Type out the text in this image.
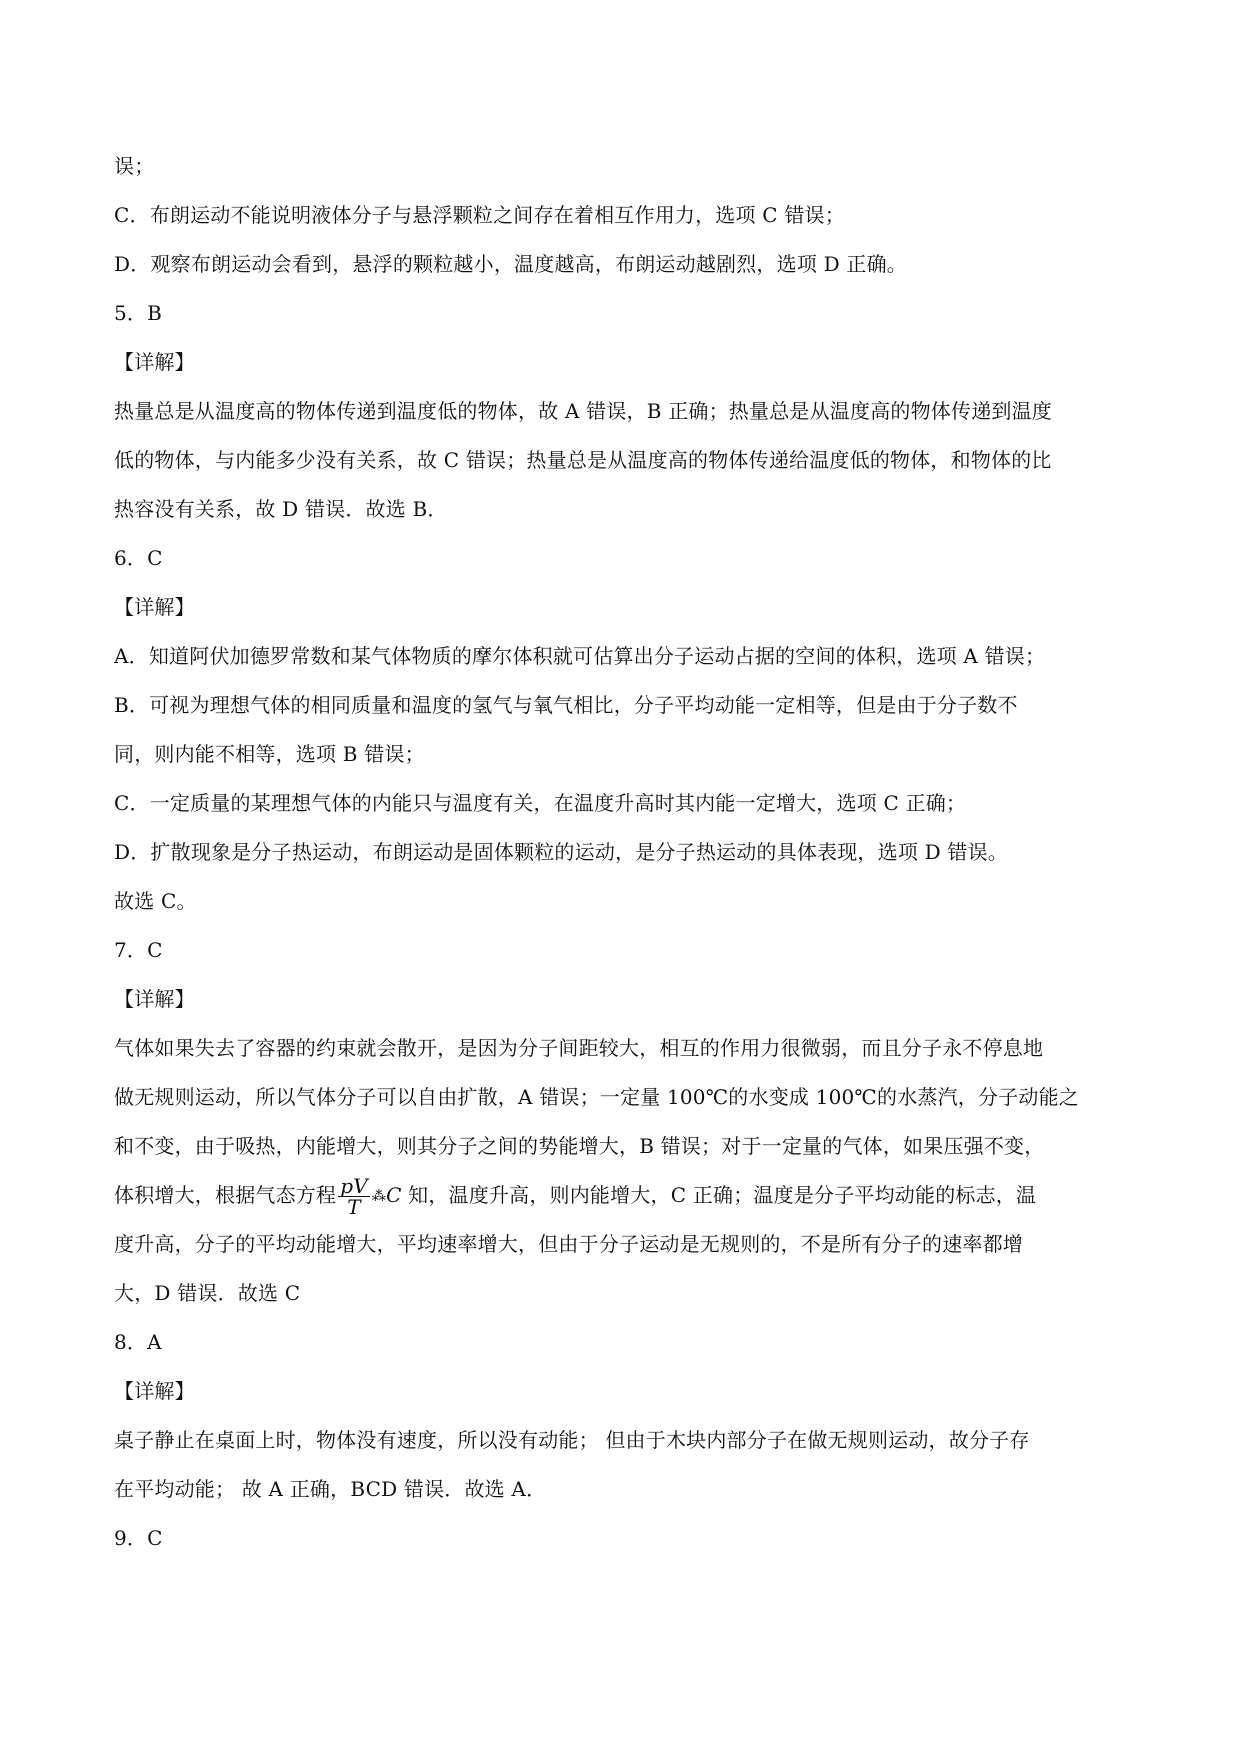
误；
C．布朗运动不能说明液体分子与悬浮颗粒之间存在着相互作用力，选项 C 错误；
D．观察布朗运动会看到，悬浮的颗粒越小，温度越高，布朗运动越剧烈，选项 D 正确。
5．B
【详解】
热量总是从温度高的物体传递到温度低的物体，故 A 错误，B 正确；热量总是从温度高的物体传递到温度
低的物体，与内能多少没有关系，故 C 错误；热量总是从温度高的物体传递给温度低的物体，和物体的比
热容没有关系，故 D 错误．故选 B．
6．C
【详解】
A．知道阿伏加德罗常数和某气体物质的摩尔体积就可估算出分子运动占据的空间的体积，选项 A 错误；
B．可视为理想气体的相同质量和温度的氢气与氧气相比，分子平均动能一定相等，但是由于分子数不
同，则内能不相等，选项 B 错误；
C．一定质量的某理想气体的内能只与温度有关，在温度升高时其内能一定增大，选项 C 正确；
D．扩散现象是分子热运动，布朗运动是固体颗粒的运动，是分子热运动的具体表现，选项 D 错误。
故选 C。
7．C
【详解】
气体如果失去了容器的约束就会散开，是因为分子间距较大，相互的作用力很微弱，而且分子永不停息地
做无规则运动，所以气体分子可以自由扩散，A 错误；一定量 100℃的水变成 100℃的水蒸汽，分子动能之
和不变，由于吸热，内能增大，则其分子之间的势能增大，B 错误；对于一定量的气体，如果压强不变，
体积增大，根据气态方程 $\frac{pV}{T}$ ⁂C 知，温度升高，则内能增大，C 正确；温度是分子平均动能的标志，温
度升高，分子的平均动能增大，平均速率增大，但由于分子运动是无规则的，不是所有分子的速率都增
大，D 错误．故选 C
8．A
【详解】
桌子静止在桌面上时，物体没有速度，所以没有动能； 但由于木块内部分子在做无规则运动，故分子存
在平均动能； 故 A 正确，BCD 错误．故选 A．
9．C
